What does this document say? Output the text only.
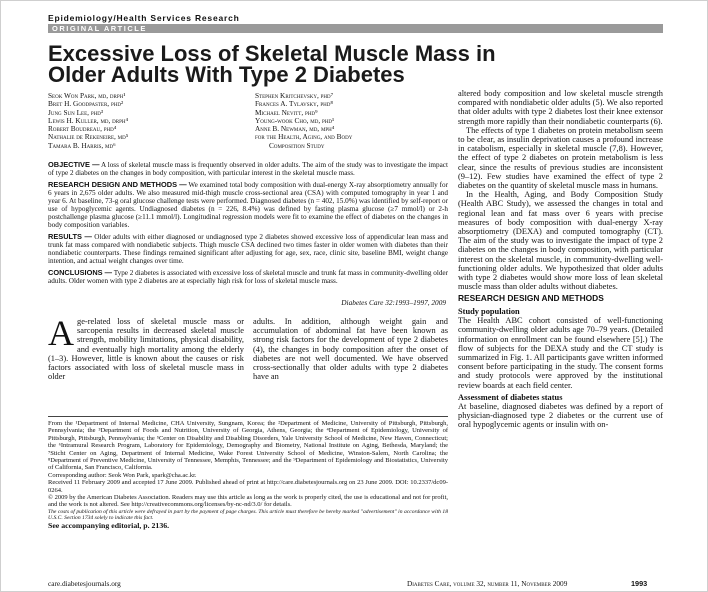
Epidemiology/Health Services Research
ORIGINAL ARTICLE
Excessive Loss of Skeletal Muscle Mass in
Older Adults With Type 2 Diabetes
Seok Won Park, md, drph¹
Bret H. Goodpaster, phd²
Jung Sun Lee, phd³
Lewis H. Kuller, md, drph⁴
Robert Boudreau, phd⁴
Nathalie de Rekeneire, md⁵
Tamara B. Harris, md⁶
Stephen Kritchevsky, phd⁷
Frances A. Tylavsky, phd⁸
Michael Nevitt, phd⁹
Young-wook Cho, md, phd¹
Anne B. Newman, md, mph⁴
for the Health, Aging, and Body
Composition Study

altered body composition and low skeletal muscle strength compared with nondiabetic older adults (5). We also reported that older adults with type 2 diabetes lost their knee extensor strength more rapidly than their nondiabetic counterparts (6).

The effects of type 1 diabetes on protein metabolism seem to be clear, as insulin deprivation causes a profound increase in catabolism, especially in skeletal muscle (7,8). However, the effect of type 2 diabetes on protein metabolism is less clear, since the results of previous studies are inconsistent (9–12). Few studies have examined the effect of type 2 diabetes on the quantity of skeletal muscle mass in humans.

In the Health, Aging, and Body Composition Study (Health ABC Study), we assessed the changes in total and regional lean and fat mass over 6 years with precise measures of body composition with dual-energy X-ray absorptiometry (DEXA) and computed tomography (CT). The aim of the study was to investigate the impact of type 2 diabetes on the changes in body composition, with particular interest on the skeletal muscle, in community-dwelling well-functioning older adults. We hypothesized that older adults with type 2 diabetes would show more loss of lean skeletal muscle mass than older adults without diabetes.

RESEARCH DESIGN AND METHODS

Study population

The Health ABC cohort consisted of well-functioning community-dwelling older adults age 70–79 years. (Detailed information on enrollment can be found elsewhere [5].) The flow of subjects for the DEXA study and the CT study is summarized in Fig. 1. All participants gave written informed consent before participating in the study. The consent forms and study protocols were approved by the institutional review boards at each field center.

Assessment of diabetes status

At baseline, diagnosed diabetes was defined by a report of physician-diagnosed type 2 diabetes or the current use of oral hypoglycemic agents or insulin with on-

OBJECTIVE — A loss of skeletal muscle mass is frequently observed in older adults. The aim of the study was to investigate the impact of type 2 diabetes on the changes in body composition, with particular interest in the skeletal muscle mass.

RESEARCH DESIGN AND METHODS — We examined total body composition with dual-energy X-ray absorptiometry annually for 6 years in 2,675 older adults. We also measured mid-thigh muscle cross-sectional area (CSA) with computed tomography in year 1 and year 6. At baseline, 73-g oral glucose challenge tests were performed. Diagnosed diabetes (n = 402, 15.0%) was identified by self-report or use of hypoglycemic agents. Undiagnosed diabetes (n = 226, 8.4%) was defined by fasting plasma glucose (≥7 mmol/l) or 2-h postchallenge plasma glucose (≥11.1 mmol/l). Longitudinal regression models were fit to examine the effect of diabetes on the changes in body composition variables.

RESULTS — Older adults with either diagnosed or undiagnosed type 2 diabetes showed excessive loss of appendicular lean mass and trunk fat mass compared with nondiabetic subjects. Thigh muscle CSA declined two times faster in older women with diabetes than their nondiabetic counterparts. These findings remained significant after adjusting for age, sex, race, clinic site, baseline BMI, weight change intention, and actual weight changes over time.

CONCLUSIONS — Type 2 diabetes is associated with excessive loss of skeletal muscle and trunk fat mass in community-dwelling older adults. Older women with type 2 diabetes are at especially high risk for loss of skeletal muscle mass.

Diabetes Care 32:1993–1997, 2009
Age-related loss of skeletal muscle mass or sarcopenia results in decreased skeletal muscle strength, mobility limitations, physical disability, and eventually high mortality among the elderly (1–3). However, little is known about the causes or risk factors associated with loss of skeletal muscle mass in older
adults. In addition, although weight gain and accumulation of abdominal fat have been known as strong risk factors for the development of type 2 diabetes (4), the changes in body composition after the onset of diabetes are not well documented. We have observed cross-sectionally that older adults with type 2 diabetes have an

From the ¹Department of Internal Medicine, CHA University, Sungnam, Korea; the ²Department of Medicine, University of Pittsburgh, Pittsburgh, Pennsylvania; the ³Department of Foods and Nutrition, University of Georgia, Athens, Georgia; the ⁴Department of Epidemiology, University of Pittsburgh, Pittsburgh, Pennsylvania; the ⁵Center on Disability and Disabling Disorders, Yale University School of Medicine, New Haven, Connecticut; the ⁶Intramural Research Program, Laboratory for Epidemiology, Demography and Biometry, National Institute on Aging, Bethesda, Maryland; the ⁷Sticht Center on Aging, Department of Internal Medicine, Wake Forest University School of Medicine, Winston-Salem, North Carolina; the ⁸Department of Preventive Medicine, University of Tennessee, Memphis, Tennessee; and the ⁹Department of Epidemiology and Biostatistics, University of California, San Francisco, California.

Corresponding author: Seok Won Park, spark@cha.ac.kr.

Received 11 February 2009 and accepted 17 June 2009. Published ahead of print at http://care.diabetesjournals.org on 23 June 2009. DOI: 10.2337/dc09-0264.

© 2009 by the American Diabetes Association. Readers may use this article as long as the work is properly cited, the use is educational and not for profit, and the work is not altered. See http://creativecommons.org/licenses/by-nc-nd/3.0/ for details.

The costs of publication of this article were defrayed in part by the payment of page charges. This article must therefore be hereby marked "advertisement" in accordance with 18 U.S.C. Section 1734 solely to indicate this fact.

See accompanying editorial, p. 2136.

care.diabetesjournals.org	Diabetes Care, volume 32, number 11, November 2009	1993
